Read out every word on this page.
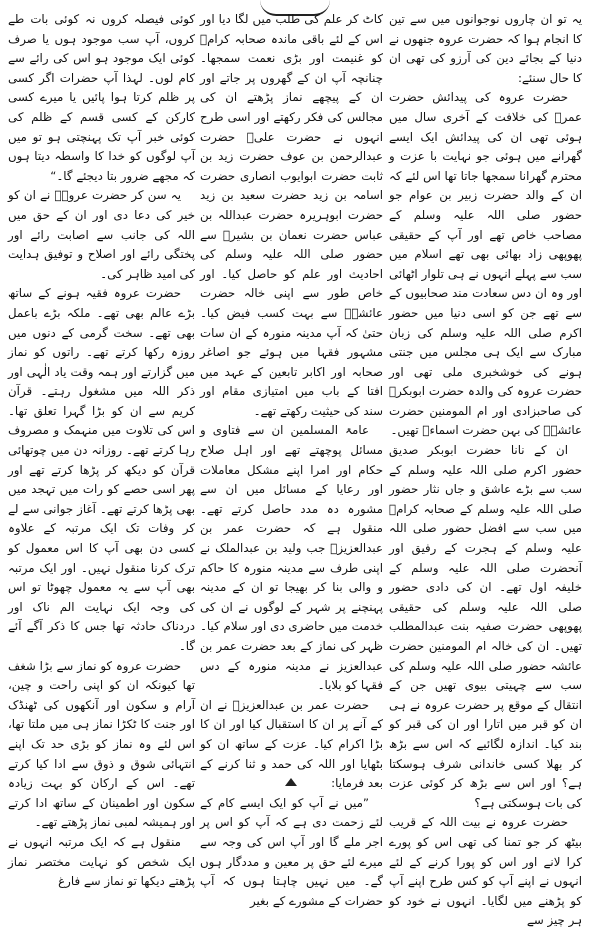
یہ تو ان چاروں نوجوانوں میں سے تین کا انجام ہوا کہ حضرت عروہ جنھوں نے دنیا کے بجائے دین کی آرزو کی تھی ان کا حال سنئے:

حضرت عروہ کی پیدائش حضرت عمرؓ کی خلافت کے آخری سال میں ہوئی تھی ان کی پیدائش ایک ایسے گھرانے میں ہوئی جو نہایت با عزت و محترم گھرانا سمجھا جاتا تھا اس لئے کہ ان کے والد حضرت زبیر بن عوام جو حضور صلی اللہ علیہ وسلم کے مصاحب خاص تھے اور آپ کے حقیقی پھوپھی زاد بھائی بھی تھے اسلام میں سب سے پہلے انہوں نے ہی تلوار اٹھائی اور وہ ان دس سعادت مند صحابیوں کے سے تھے جن کو اسی دنیا میں حضور اکرم صلی اللہ علیہ وسلم کی زبان مبارک سے ایک ہی مجلس میں جنتی ہونے کی خوشخبری ملی تھی اور حضرت عروہ کی والدہ حضرت ابوبکرؓ کی صاحبزادی اور ام المومنین حضرت عائشہؓ کی بہن حضرت اسماءؓ تھیں۔

ان کے نانا حضرت ابوبکر صدیق حضور اکرم صلی اللہ علیہ وسلم کے سب سے بڑے عاشق و جاں نثار حضور صلی اللہ علیہ وسلم کے صحابہ کرامؓ میں سب سے افضل حضور صلی اللہ علیہ وسلم کے ہجرت کے رفیق اور آنحضرت صلی اللہ علیہ وسلم کے خلیفہ اول تھے۔ ان کی دادی حضور صلی اللہ علیہ وسلم کی حقیقی پھوپھی حضرت صفیہ بنت عبدالمطلب تھیں۔ ان کی خالہ ام المومنین حضرت عائشہ حضور صلی اللہ علیہ وسلم کی سب سے چہیتی بیوی تھیں جن کے انتقال کے موقع پر حضرت عروہ نے ہی ان کو قبر میں اتارا اور ان کی قبر کو بند کیا۔ اندازہ لگائیے کہ اس سے بڑھ کر بھلا کسی خاندانی شرف ہوسکتا ہے؟ اور اس سے بڑھ کر کوئی عزت کی بات ہوسکتی ہے؟

حضرت عروہ نے بیت اللہ کے قریب بیٹھ کر جو تمنا کی تھی اس کو پورے کرا لانے اور اس کو پورا کرنے کے لئے انہوں نے اپنے آپ کو کس طرح اپنے آپ کو پڑھنے میں لگایا۔ انہوں نے خود کو ہر چیز سے

کاٹ کر علم کی طلب میں لگا دیا اور اس کے لئے باقی ماندہ صحابہ کرامؓ کو غنیمت اور بڑی نعمت سمجھا۔ چنانچہ آپ ان کے گھروں پر جاتے اور ان کے پیچھے نماز پڑھتے ان کی مجالس کی فکر رکھتے اور اسی طرح انہوں نے حضرت علیؓ حضرت عبدالرحمن بن عوف حضرت زید بن ثابت حضرت ابوایوب انصاری حضرت اسامہ بن زید حضرت سعید بن زید حضرت ابوہریرہ حضرت عبداللہ بن عباس حضرت نعمان بن بشیرؓ سے حضور صلی اللہ علیہ وسلم کی احادیث اور علم کو حاصل کیا۔ اور خاص طور سے اپنی خالہ حضرت عائشہؓ سے بہت کسب فیض کیا۔ حتیٰ کہ آپ مدینہ منورہ کے ان سات مشہور فقہا میں ہوئے جو اصاغر صحابہ اور اکابر تابعین کے عہد میں افتا کے باب میں امتیازی مقام اور سند کی حیثیت رکھتے تھے۔

عامۃ المسلمین ان سے فتاوی و مسائل پوچھتے تھے اور اہل صلاح حکام اور امرا اپنے مشکل معاملات اور رعایا کے مسائل میں ان سے مشورہ دہ مدد حاصل کرتے تھے۔ منقول ہے کہ حضرت عمر بن عبدالعزیزؒ جب ولید بن عبدالملک نے اپنی طرف سے مدینہ منورہ کا حاکم و والی بنا کر بھیجا تو ان کے مدینہ پہنچنے پر شہر کے لوگوں نے ان کی خدمت میں حاضری دی اور سلام کیا۔ ظہر کی نماز کے بعد حضرت عمر بن عبدالعزیز نے مدینہ منورہ کے دس فقہا کو بلایا۔

حضرت عمر بن عبدالعزیزؒ نے ان کے آنے پر ان کا استقبال کیا اور ان کا بڑا اکرام کیا۔ عزت کے ساتھ ان کو بٹھایا اور اللہ کی حمد و ثنا کرنے کے بعد فرمایا:

”میں نے آپ کو ایک ایسے کام کے لئے زحمت دی ہے کہ آپ کو اس پر اجر ملے گا اور آپ اس کی وجہ سے میرے لئے حق پر معین و مددگار ہوں گے۔ میں نہیں چاہتا ہوں کہ آپ حضرات کے مشورے کے بغیر

کوئی فیصلہ کروں نہ کوئی بات طے کروں، آپ سب موجود ہوں یا صرف کوئی ایک موجود ہو اس کی رائے سے کام لوں۔ لہذا آپ حضرات اگر کسی پر ظلم کرتا ہوا پائیں یا میرے کسی کارکن کے کسی قسم کے ظلم کی کوئی خبر آپ تک پہنچتی ہو تو میں آپ لوگوں کو خدا کا واسطہ دیتا ہوں کہ مجھے ضرور بتا دیجئے گا۔“

یہ سن کر حضرت عروہؓ نے ان کو خیر کی دعا دی اور ان کے حق میں اللہ کی جانب سے اصابت رائے اور پختگی رائے اور اصلاح و توفیق ہدایت کی امید ظاہر کی۔

حضرت عروہ فقیہ ہونے کے ساتھ بڑے عالم بھی تھے۔ ملکہ بڑے باعمل بھی تھے۔ سخت گرمی کے دنوں میں روزہ رکھا کرتے تھے۔ راتوں کو نماز میں گزارتے اور ہمہ وقت یاد الٰہی اور ذکر اللہ میں مشغول رہتے۔ قرآن کریم سے ان کو بڑا گہرا تعلق تھا۔ اس کی تلاوت میں منہمک و مصروف رہا کرتے تھے۔ روزانہ دن میں چوتھائی قرآن کو دیکھ کر پڑھا کرتے تھے اور پھر اسی حصے کو رات میں تہجد میں بھی پڑھا کرتے تھے۔ آغاز جوانی سے لے کر وفات تک ایک مرتبہ کے علاوہ کسی دن بھی آپ کا اس معمول کو ترک کرنا منقول نہیں۔ اور ایک مرتبہ بھی آپ سے یہ معمول چھوٹا تو اس کی وجہ ایک نہایت الم ناک اور دردناک حادثہ تھا جس کا ذکر آگے آئے گا۔

حضرت عروہ کو نماز سے بڑا شغف تھا کیونکہ ان کو اپنی راحت و چین، آرام و سکون اور آنکھوں کی ٹھنڈک اور جنت کا ٹکڑا نماز ہی میں ملتا تھا، اس لئے وہ نماز کو بڑی حد تک اپنے انتہائی شوق و ذوق سے ادا کیا کرتے تھے۔ اس کے ارکان کو بہت زیادہ سکون اور اطمینان کے ساتھ ادا کرتے اور ہمیشہ لمبی نماز پڑھتے تھے۔

منقول ہے کہ ایک مرتبہ انہوں نے ایک شخص کو نہایت مختصر نماز پڑھتے دیکھا تو نماز سے فارغ
